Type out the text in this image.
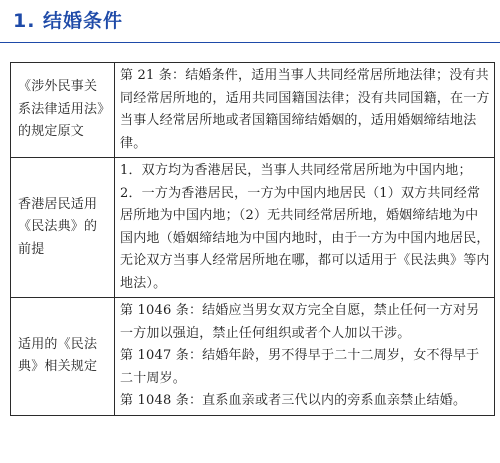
1. 结婚条件
《涉外民事关系法律适用法》的规定原文	第 21 条：结婚条件，适用当事人共同经常居所地法律；没有共同经常居所地的，适用共同国籍国法律；没有共同国籍，在一方当事人经常居所地或者国籍国缔结婚姻的，适用婚姻缔结地法律。

香港居民适用《民法典》的前提	1．双方均为香港居民，当事人共同经常居所地为中国内地；
2．一方为香港居民，一方为中国内地居民（1）双方共同经常居所地为中国内地；（2）无共同经常居所地，婚姻缔结地为中国内地（婚姻缔结地为中国内地时，由于一方为中国内地居民，无论双方当事人经常居所地在哪，都可以适用于《民法典》等内地法）。

适用的《民法典》相关规定	第 1046 条：结婚应当男女双方完全自愿，禁止任何一方对另一方加以强迫，禁止任何组织或者个人加以干涉。
第 1047 条：结婚年龄，男不得早于二十二周岁，女不得早于二十周岁。
第 1048 条：直系血亲或者三代以内的旁系血亲禁止结婚。
